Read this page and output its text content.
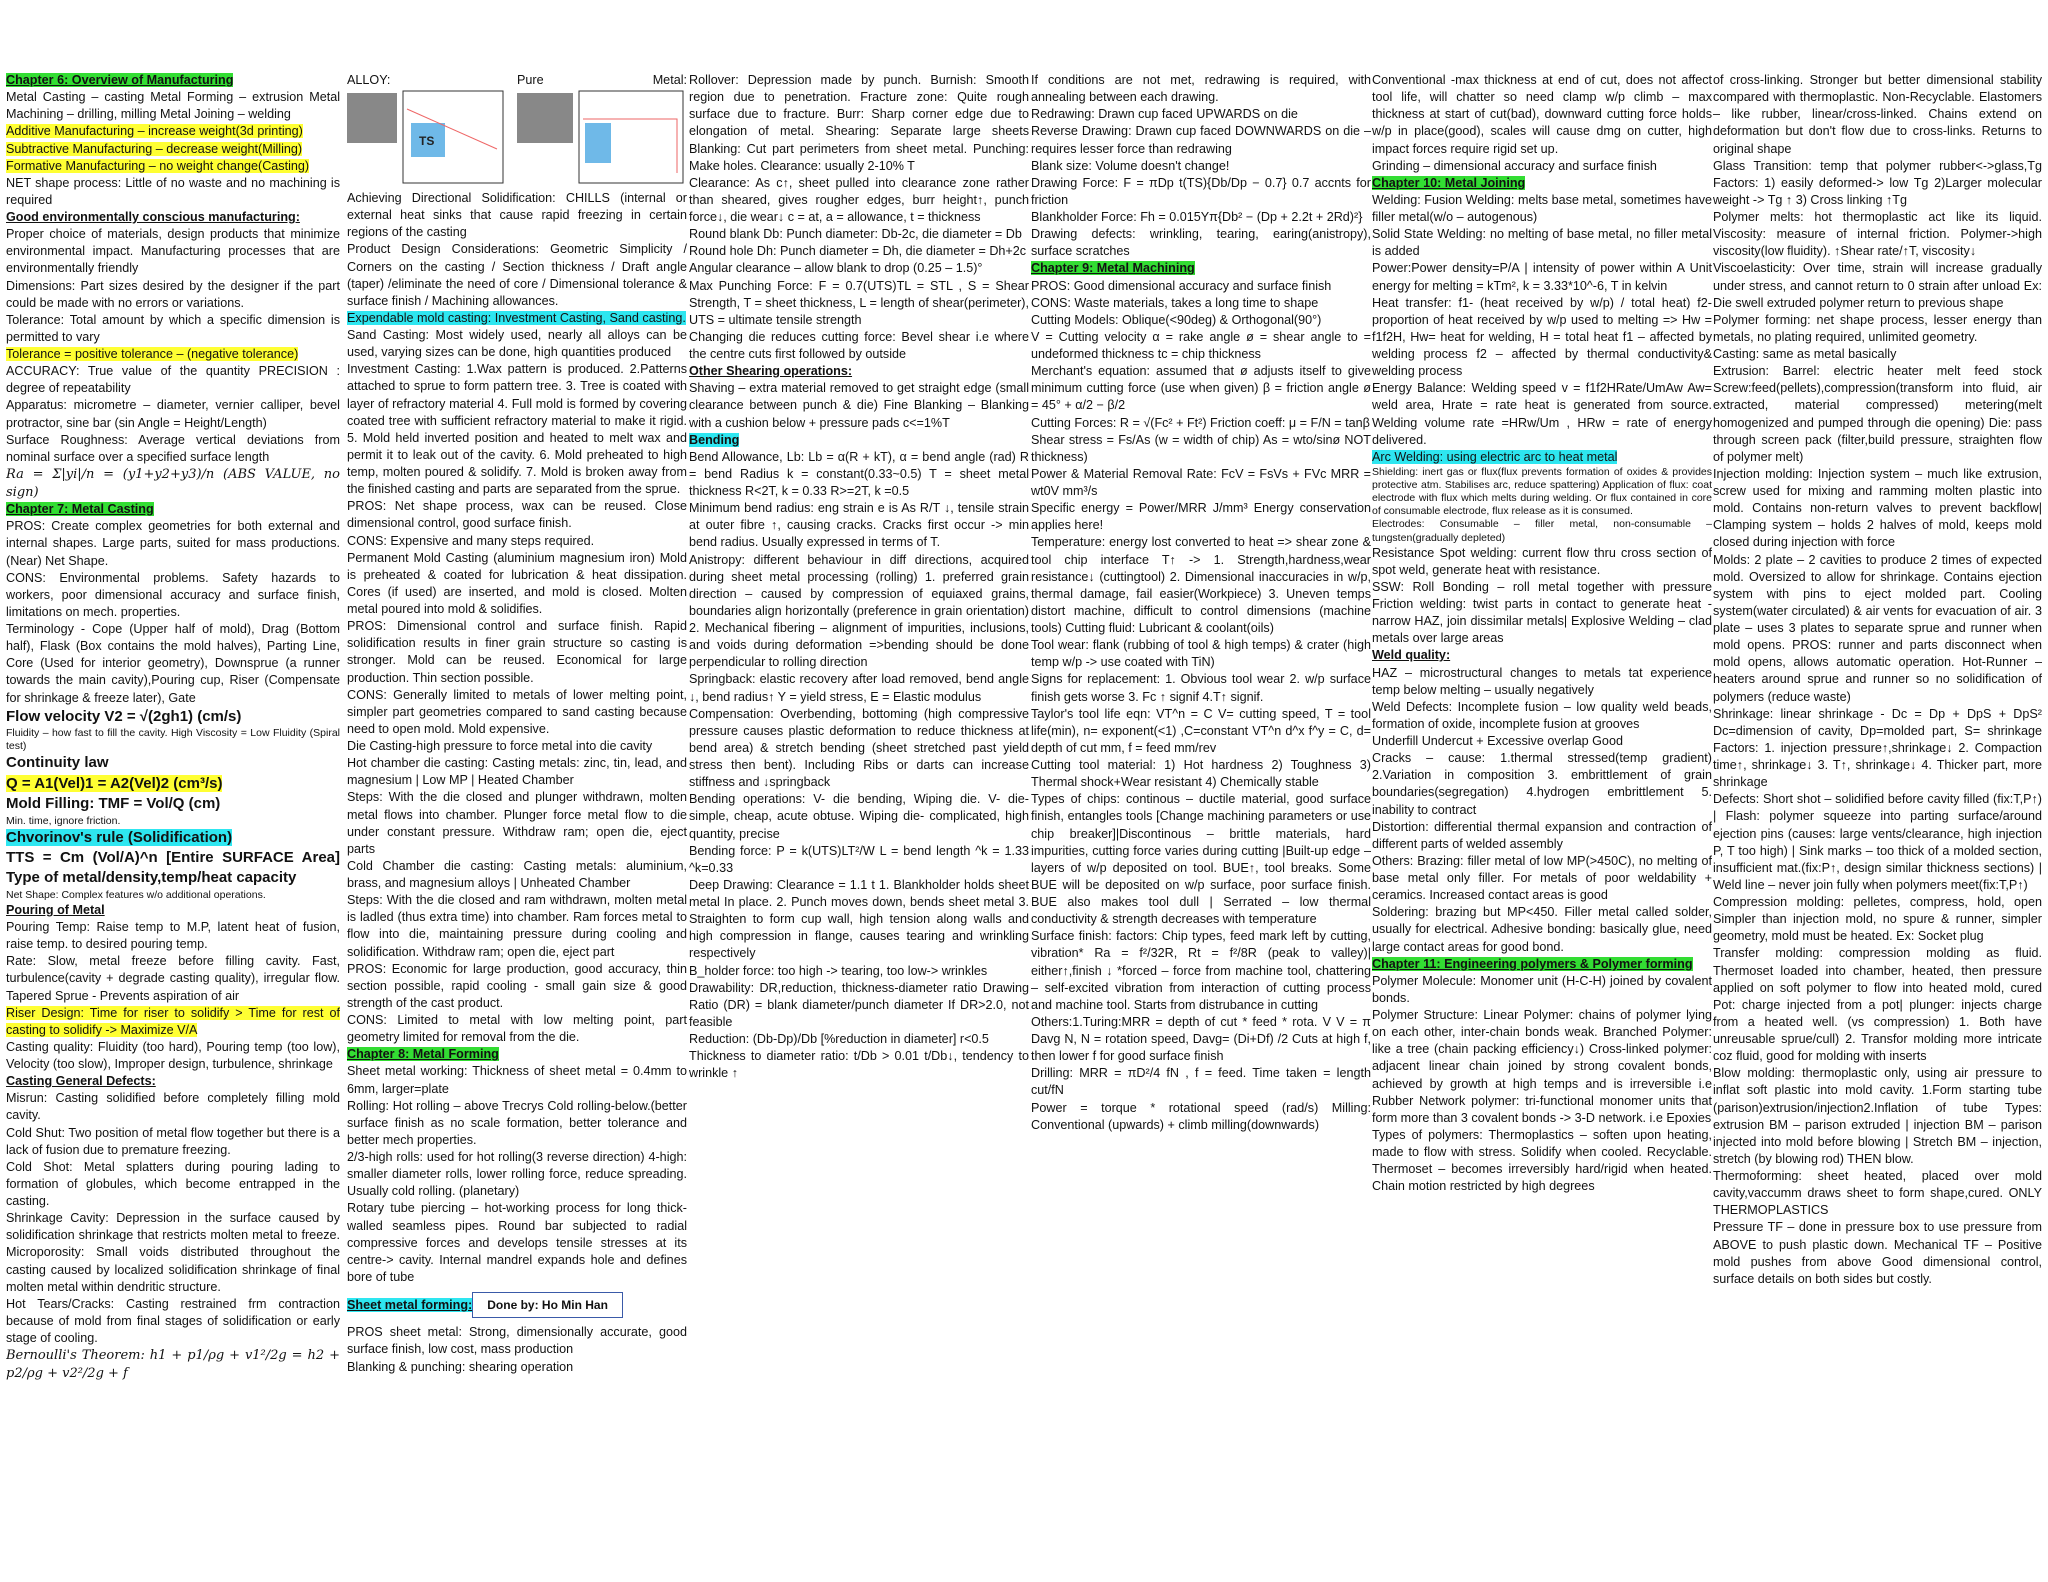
Chapter 6: Overview of Manufacturing

Metal Casting – casting Metal Forming – extrusion Metal Machining – drilling, milling Metal Joining – welding

Additive Manufacturing – increase weight(3d printing)

Subtractive Manufacturing – decrease weight(Milling)

Formative Manufacturing – no weight change(Casting)

NET shape process: Little of no waste and no machining is required

Good environmentally conscious manufacturing:

Proper choice of materials, design products that minimize environmental impact. Manufacturing processes that are environmentally friendly

Dimensions: Part sizes desired by the designer if the part could be made with no errors or variations.

Tolerance: Total amount by which a specific dimension is permitted to vary

Tolerance = positive tolerance – (negative tolerance)

ACCURACY: True value of the quantity PRECISION : degree of repeatability

Apparatus: micrometre – diameter, vernier calliper, bevel protractor, sine bar (sin Angle = Height/Length)

Surface Roughness: Average vertical deviations from nominal surface over a specified surface length

Ra = Σ|yi|/n = (y1+y2+y3)/n (ABS VALUE, no sign)

Chapter 7: Metal Casting

PROS: Create complex geometries for both external and internal shapes. Large parts, suited for mass productions. (Near) Net Shape.

CONS: Environmental problems. Safety hazards to workers, poor dimensional accuracy and surface finish, limitations on mech. properties.

Terminology - Cope (Upper half of mold), Drag (Bottom half), Flask (Box contains the mold halves), Parting Line, Core (Used for interior geometry), Downsprue (a runner towards the main cavity),Pouring cup, Riser (Compensate for shrinkage & freeze later), Gate

Flow velocity V2 = √(2gh1) (cm/s)

Fluidity – how fast to fill the cavity. High Viscosity = Low Fluidity (Spiral test)

Continuity law

Q = A1(Vel)1 = A2(Vel)2 (cm³/s)

Mold Filling: TMF = Vol/Q (cm)

Min. time, ignore friction.

Chvorinov's rule (Solidification)

TTS = Cm (Vol/A)^n [Entire SURFACE Area] Type of metal/density,temp/heat capacity

Net Shape: Complex features w/o additional operations.

Pouring of Metal

Pouring Temp: Raise temp to M.P, latent heat of fusion, raise temp. to desired pouring temp.

Rate: Slow, metal freeze before filling cavity. Fast, turbulence(cavity + degrade casting quality), irregular flow. Tapered Sprue - Prevents aspiration of air

Riser Design: Time for riser to solidify > Time for rest of casting to solidify -> Maximize V/A

Casting quality: Fluidity (too hard), Pouring temp (too low), Velocity (too slow), Improper design, turbulence, shrinkage

Casting General Defects:

Misrun: Casting solidified before completely filling mold cavity.

Cold Shut: Two position of metal flow together but there is a lack of fusion due to premature freezing.

Cold Shot: Metal splatters during pouring lading to formation of globules, which become entrapped in the casting.

Shrinkage Cavity: Depression in the surface caused by solidification shrinkage that restricts molten metal to freeze. Microporosity: Small voids distributed throughout the casting caused by localized solidification shrinkage of final molten metal within dendritic structure.

Hot Tears/Cracks: Casting restrained frm contraction because of mold from final stages of solidification or early stage of cooling.

Bernoulli's Theorem: h1 + p1/ρg + v1²/2g = h2 + p2/ρg + v2²/2g + f

ALLOY:
TS
Pure Metal:

Achieving Directional Solidification: CHILLS (internal or external heat sinks that cause rapid freezing in certain regions of the casting

Product Design Considerations: Geometric Simplicity / Corners on the casting / Section thickness / Draft angle (taper) /eliminate the need of core / Dimensional tolerance & surface finish / Machining allowances.

Expendable mold casting: Investment Casting, Sand casting.

Sand Casting: Most widely used, nearly all alloys can be used, varying sizes can be done, high quantities produced

Investment Casting: 1.Wax pattern is produced. 2.Patterns attached to sprue to form pattern tree. 3. Tree is coated with layer of refractory material 4. Full mold is formed by covering coated tree with sufficient refractory material to make it rigid. 5. Mold held inverted position and heated to melt wax and permit it to leak out of the cavity. 6. Mold preheated to high temp, molten poured & solidify. 7. Mold is broken away from the finished casting and parts are separated from the sprue.

PROS: Net shape process, wax can be reused. Close dimensional control, good surface finish.

CONS: Expensive and many steps required.

Permanent Mold Casting (aluminium magnesium iron) Mold is preheated & coated for lubrication & heat dissipation. Cores (if used) are inserted, and mold is closed. Molten metal poured into mold & solidifies.

PROS: Dimensional control and surface finish. Rapid solidification results in finer grain structure so casting is stronger. Mold can be reused. Economical for large production. Thin section possible.

CONS: Generally limited to metals of lower melting point, simpler part geometries compared to sand casting because need to open mold. Mold expensive.

Die Casting-high pressure to force metal into die cavity

Hot chamber die casting: Casting metals: zinc, tin, lead, and magnesium | Low MP | Heated Chamber

Steps: With the die closed and plunger withdrawn, molten metal flows into chamber. Plunger force metal flow to die under constant pressure. Withdraw ram; open die, eject parts

Cold Chamber die casting: Casting metals: aluminium, brass, and magnesium alloys | Unheated Chamber

Steps: With the die closed and ram withdrawn, molten metal is ladled (thus extra time) into chamber. Ram forces metal to flow into die, maintaining pressure during cooling and solidification. Withdraw ram; open die, eject part

PROS: Economic for large production, good accuracy, thin section possible, rapid cooling - small gain size & good strength of the cast product.

CONS: Limited to metal with low melting point, part geometry limited for removal from the die.

Chapter 8: Metal Forming

Sheet metal working: Thickness of sheet metal = 0.4mm to 6mm, larger=plate

Rolling: Hot rolling – above Trecrys Cold rolling-below.(better surface finish as no scale formation, better tolerance and better mech properties.

2/3-high rolls: used for hot rolling(3 reverse direction) 4-high: smaller diameter rolls, lower rolling force, reduce spreading. Usually cold rolling. (planetary)

Rotary tube piercing – hot-working process for long thick-walled seamless pipes. Round bar subjected to radial compressive forces and develops tensile stresses at its centre-> cavity. Internal mandrel expands hole and defines bore of tube

Sheet metal forming: Done by: Ho Min Han

PROS sheet metal: Strong, dimensionally accurate, good surface finish, low cost, mass production

Blanking & punching: shearing operation

Rollover: Depression made by punch. Burnish: Smooth region due to penetration. Fracture zone: Quite rough surface due to fracture. Burr: Sharp corner edge due to elongation of metal. Shearing: Separate large sheets Blanking: Cut part perimeters from sheet metal. Punching: Make holes. Clearance: usually 2-10% T

Clearance: As c↑, sheet pulled into clearance zone rather than sheared, gives rougher edges, burr height↑, punch force↓, die wear↓ c = at, a = allowance, t = thickness

Round blank Db: Punch diameter: Db-2c, die diameter = Db

Round hole Dh: Punch diameter = Dh, die diameter = Dh+2c

Angular clearance – allow blank to drop (0.25 – 1.5)°

Max Punching Force: F = 0.7(UTS)TL = STL , S = Shear Strength, T = sheet thickness, L = length of shear(perimeter), UTS = ultimate tensile strength

Changing die reduces cutting force: Bevel shear i.e where the centre cuts first followed by outside

Other Shearing operations:

Shaving – extra material removed to get straight edge (small clearance between punch & die) Fine Blanking – Blanking with a cushion below + pressure pads c<=1%T

Bending

Bend Allowance, Lb: Lb = α(R + kT), α = bend angle (rad) R = bend Radius k = constant(0.33~0.5) T = sheet metal thickness R<2T, k = 0.33 R>=2T, k =0.5

Minimum bend radius: eng strain e is As R/T ↓, tensile strain at outer fibre ↑, causing cracks. Cracks first occur -> min bend radius. Usually expressed in terms of T.

Anistropy: different behaviour in diff directions, acquired during sheet metal processing (rolling) 1. preferred grain direction – caused by compression of equiaxed grains, boundaries align horizontally (preference in grain orientation) 2. Mechanical fibering – alignment of impurities, inclusions, and voids during deformation =>bending should be done perpendicular to rolling direction

Springback: elastic recovery after load removed, bend angle ↓, bend radius↑ Y = yield stress, E = Elastic modulus

Compensation: Overbending, bottoming (high compressive pressure causes plastic deformation to reduce thickness at bend area) & stretch bending (sheet stretched past yield stress then bent). Including Ribs or darts can increase stiffness and ↓springback

Bending operations: V- die bending, Wiping die. V- die- simple, cheap, acute obtuse. Wiping die- complicated, high quantity, precise

Bending force: P = k(UTS)LT²/W L = bend length ^k = 1.33 ^k=0.33

Deep Drawing: Clearance = 1.1 t 1. Blankholder holds sheet metal In place. 2. Punch moves down, bends sheet metal 3. Straighten to form cup wall, high tension along walls and high compression in flange, causes tearing and wrinkling respectively

B_holder force: too high -> tearing, too low-> wrinkles

Drawability: DR,reduction, thickness-diameter ratio Drawing Ratio (DR) = blank diameter/punch diameter If DR>2.0, not feasible

Reduction: (Db-Dp)/Db [%reduction in diameter] r<0.5

Thickness to diameter ratio: t/Db > 0.01 t/Db↓, tendency to wrinkle ↑

If conditions are not met, redrawing is required, with annealing between each drawing.

Redrawing: Drawn cup faced UPWARDS on die

Reverse Drawing: Drawn cup faced DOWNWARDS on die – requires lesser force than redrawing

Blank size: Volume doesn't change!

Drawing Force: F = πDp t(TS){Db/Dp − 0.7} 0.7 accnts for friction

Blankholder Force: Fh = 0.015Yπ{Db² − (Dp + 2.2t + 2Rd)²}

Drawing defects: wrinkling, tearing, earing(anistropy), surface scratches

Chapter 9: Metal Machining

PROS: Good dimensional accuracy and surface finish

CONS: Waste materials, takes a long time to shape

Cutting Models: Oblique(<90deg) & Orthogonal(90°)

V = Cutting velocity α = rake angle ø = shear angle to = undeformed thickness tc = chip thickness

Merchant's equation: assumed that ø adjusts itself to give minimum cutting force (use when given) β = friction angle ø = 45° + α/2 − β/2

Cutting Forces: R = √(Fc² + Ft²) Friction coeff: μ = F/N = tanβ

Shear stress = Fs/As (w = width of chip) As = wto/sinø NOT thickness)

Power & Material Removal Rate: FcV = FsVs + FVc MRR = wt0V mm³/s

Specific energy = Power/MRR J/mm³ Energy conservation applies here!

Temperature: energy lost converted to heat => shear zone & tool chip interface T↑ -> 1. Strength,hardness,wear resistance↓ (cuttingtool) 2. Dimensional inaccuracies in w/p, thermal damage, fail easier(Workpiece) 3. Uneven temps distort machine, difficult to control dimensions (machine tools) Cutting fluid: Lubricant & coolant(oils)

Tool wear: flank (rubbing of tool & high temps) & crater (high temp w/p -> use coated with TiN)

Signs for replacement: 1. Obvious tool wear 2. w/p surface finish gets worse 3. Fc ↑ signif 4.T↑ signif.

Taylor's tool life eqn: VT^n = C V= cutting speed, T = tool life(min), n= exponent(<1) ,C=constant VT^n d^x f^y = C, d= depth of cut mm, f = feed mm/rev

Cutting tool material: 1) Hot hardness 2) Toughness 3) Thermal shock+Wear resistant 4) Chemically stable

Types of chips: continous – ductile material, good surface finish, entangles tools [Change machining parameters or use chip breaker]|Discontinous – brittle materials, hard impurities, cutting force varies during cutting |Built-up edge – layers of w/p deposited on tool. BUE↑, tool breaks. Some BUE will be deposited on w/p surface, poor surface finish. BUE also makes tool dull | Serrated – low thermal conductivity & strength decreases with temperature

Surface finish: factors: Chip types, feed mark left by cutting, vibration* Ra = f²/32R, Rt = f²/8R (peak to valley)| either↑,finish ↓ *forced – force from machine tool, chattering – self-excited vibration from interaction of cutting process and machine tool. Starts from distrubance in cutting

Others:1.Turing:MRR = depth of cut * feed * rota. V V = π Davg N, N = rotation speed, Davg= (Di+Df) /2 Cuts at high f, then lower f for good surface finish

Drilling: MRR = πD²/4 fN , f = feed. Time taken = length cut/fN

Power = torque * rotational speed (rad/s) Milling: Conventional (upwards) + climb milling(downwards)

Conventional -max thickness at end of cut, does not affect tool life, will chatter so need clamp w/p climb – max thickness at start of cut(bad), downward cutting force holds w/p in place(good), scales will cause dmg on cutter, high impact forces require rigid set up.

Grinding – dimensional accuracy and surface finish

Chapter 10: Metal Joining

Welding: Fusion Welding: melts base metal, sometimes have filler metal(w/o – autogenous)

Solid State Welding: no melting of base metal, no filler metal is added

Power:Power density=P/A | intensity of power within A Unit energy for melting = kTm², k = 3.33*10^-6, T in kelvin

Heat transfer: f1- (heat received by w/p) / total heat) f2- proportion of heat received by w/p used to melting => Hw = f1f2H, Hw= heat for welding, H = total heat f1 – affected by welding process f2 – affected by thermal conductivity& welding process

Energy Balance: Welding speed v = f1f2HRate/UmAw Aw= weld area, Hrate = rate heat is generated from source. Welding volume rate =HRw/Um , HRw = rate of energy delivered.

Arc Welding: using electric arc to heat metal

Shielding: inert gas or flux(flux prevents formation of oxides & provides protective atm. Stabilises arc, reduce spattering) Application of flux: coat electrode with flux which melts during welding. Or flux contained in core of consumable electrode, flux release as it is consumed.

Electrodes: Consumable – filler metal, non-consumable – tungsten(gradually depleted)

Resistance Spot welding: current flow thru cross section of spot weld, generate heat with resistance.

SSW: Roll Bonding – roll metal together with pressure Friction welding: twist parts in contact to generate heat - narrow HAZ, join dissimilar metals| Explosive Welding – clad metals over large areas

Weld quality:

HAZ – microstructural changes to metals tat experience temp below melting – usually negatively

Weld Defects: Incomplete fusion – low quality weld beads, formation of oxide, incomplete fusion at grooves

Underfill Undercut + Excessive overlap Good

Cracks – cause: 1.thermal stressed(temp gradient) 2.Variation in composition 3. embrittlement of grain boundaries(segregation) 4.hydrogen embrittlement 5. inability to contract

Distortion: differential thermal expansion and contraction of different parts of welded assembly

Others: Brazing: filler metal of low MP(>450C), no melting of base metal only filler. For metals of poor weldability + ceramics. Increased contact areas is good

Soldering: brazing but MP<450. Filler metal called solder, usually for electrical. Adhesive bonding: basically glue, need large contact areas for good bond.

Chapter 11: Engineering polymers & Polymer forming

Polymer Molecule: Monomer unit (H-C-H) joined by covalent bonds.

Polymer Structure: Linear Polymer: chains of polymer lying on each other, inter-chain bonds weak. Branched Polymer: like a tree (chain packing efficiency↓) Cross-linked polymer: adjacent linear chain joined by strong covalent bonds, achieved by growth at high temps and is irreversible i.e Rubber Network polymer: tri-functional monomer units that form more than 3 covalent bonds -> 3-D network. i.e Epoxies

Types of polymers: Thermoplastics – soften upon heating, made to flow with stress. Solidify when cooled. Recyclable. Thermoset – becomes irreversibly hard/rigid when heated. Chain motion restricted by high degrees

of cross-linking. Stronger but better dimensional stability compared with thermoplastic. Non-Recyclable. Elastomers – like rubber, linear/cross-linked. Chains extend on deformation but don't flow due to cross-links. Returns to original shape

Glass Transition: temp that polymer rubber<->glass,Tg Factors: 1) easily deformed-> low Tg 2)Larger molecular weight -> Tg ↑ 3) Cross linking ↑Tg

Polymer melts: hot thermoplastic act like its liquid. Viscosity: measure of internal friction. Polymer->high viscosity(low fluidity). ↑Shear rate/↑T, viscosity↓

Viscoelasticity: Over time, strain will increase gradually under stress, and cannot return to 0 strain after unload Ex: Die swell extruded polymer return to previous shape

Polymer forming: net shape process, lesser energy than metals, no plating required, unlimited geometry.

Casting: same as metal basically

Extrusion: Barrel: electric heater melt feed stock Screw:feed(pellets),compression(transform into fluid, air extracted, material compressed) metering(melt homogenized and pumped through die opening) Die: pass through screen pack (filter,build pressure, straighten flow of polymer melt)

Injection molding: Injection system – much like extrusion, screw used for mixing and ramming molten plastic into mold. Contains non-return valves to prevent backflow| Clamping system – holds 2 halves of mold, keeps mold closed during injection with force

Molds: 2 plate – 2 cavities to produce 2 times of expected mold. Oversized to allow for shrinkage. Contains ejection system with pins to eject molded part. Cooling system(water circulated) & air vents for evacuation of air. 3 plate – uses 3 plates to separate sprue and runner when mold opens. PROS: runner and parts disconnect when mold opens, allows automatic operation. Hot-Runner – heaters around sprue and runner so no solidification of polymers (reduce waste)

Shrinkage: linear shrinkage - Dc = Dp + DpS + DpS² Dc=dimension of cavity, Dp=molded part, S= shrinkage Factors: 1. injection pressure↑,shrinkage↓ 2. Compaction time↑, shrinkage↓ 3. T↑, shrinkage↓ 4. Thicker part, more shrinkage

Defects: Short shot – solidified before cavity filled (fix:T,P↑) | Flash: polymer squeeze into parting surface/around ejection pins (causes: large vents/clearance, high injection P, T too high) | Sink marks – too thick of a molded section, insufficient mat.(fix:P↑, design similar thickness sections) | Weld line – never join fully when polymers meet(fix:T,P↑)

Compression molding: pelletes, compress, hold, open Simpler than injection mold, no spure & runner, simpler geometry, mold must be heated. Ex: Socket plug

Transfer molding: compression molding as fluid. Thermoset loaded into chamber, heated, then pressure applied on soft polymer to flow into heated mold, cured Pot: charge injected from a pot| plunger: injects charge from a heated well. (vs compression) 1. Both have unreusable sprue/cull) 2. Transfor molding more intricate coz fluid, good for molding with inserts

Blow molding: thermoplastic only, using air pressure to inflat soft plastic into mold cavity. 1.Form starting tube (parison)extrusion/injection2.Inflation of tube Types: extrusion BM – parison extruded | injection BM – parison injected into mold before blowing | Stretch BM – injection, stretch (by blowing rod) THEN blow.

Thermoforming: sheet heated, placed over mold cavity,vaccumm draws sheet to form shape,cured. ONLY THERMOPLASTICS

Pressure TF – done in pressure box to use pressure from ABOVE to push plastic down. Mechanical TF – Positive mold pushes from above Good dimensional control, surface details on both sides but costly.
